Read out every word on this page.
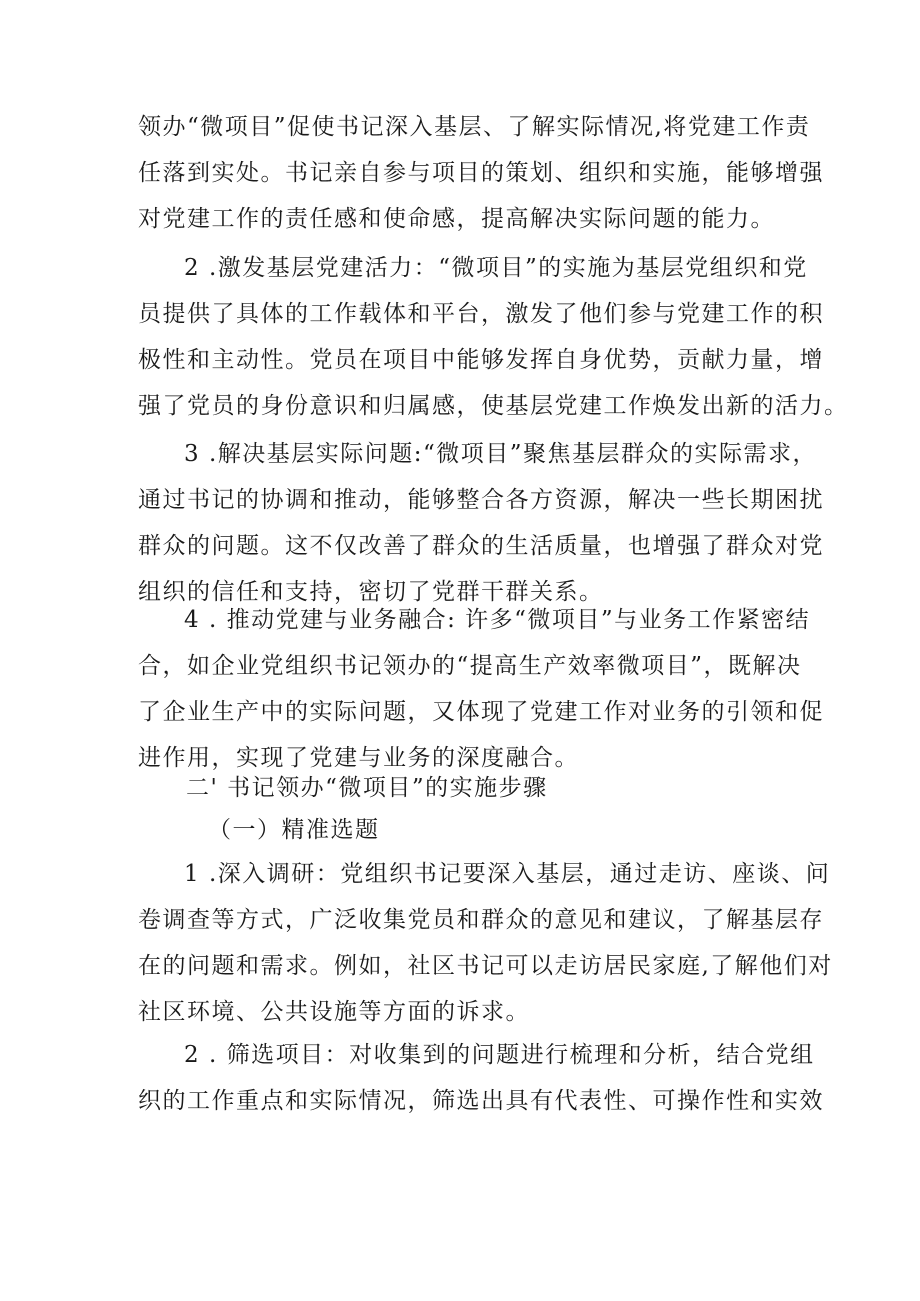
领办“微项目”促使书记深入基层、了解实际情况,将党建工作责
任落到实处。书记亲自参与项目的策划、组织和实施，能够增强
对党建工作的责任感和使命感，提高解决实际问题的能力。
2 .激发基层党建活力：“微项目”的实施为基层党组织和党
员提供了具体的工作载体和平台，激发了他们参与党建工作的积
极性和主动性。党员在项目中能够发挥自身优势，贡献力量，增
强了党员的身份意识和归属感，使基层党建工作焕发出新的活力。
3 .解决基层实际问题:“微项目”聚焦基层群众的实际需求，
通过书记的协调和推动，能够整合各方资源，解决一些长期困扰
群众的问题。这不仅改善了群众的生活质量，也增强了群众对党
组织的信任和支持，密切了党群干群关系。
4 . 推动党建与业务融合: 许多“微项目”与业务工作紧密结
合，如企业党组织书记领办的“提高生产效率微项目”，既解决
了企业生产中的实际问题，又体现了党建工作对业务的引领和促
进作用，实现了党建与业务的深度融合。
二' 书记领办“微项目”的实施步骤
（一）精准选题
1 .深入调研：党组织书记要深入基层，通过走访、座谈、问
卷调查等方式，广泛收集党员和群众的意见和建议，了解基层存
在的问题和需求。例如，社区书记可以走访居民家庭,了解他们对
社区环境、公共设施等方面的诉求。
2 . 筛选项目：对收集到的问题进行梳理和分析，结合党组
织的工作重点和实际情况，筛选出具有代表性、可操作性和实效
